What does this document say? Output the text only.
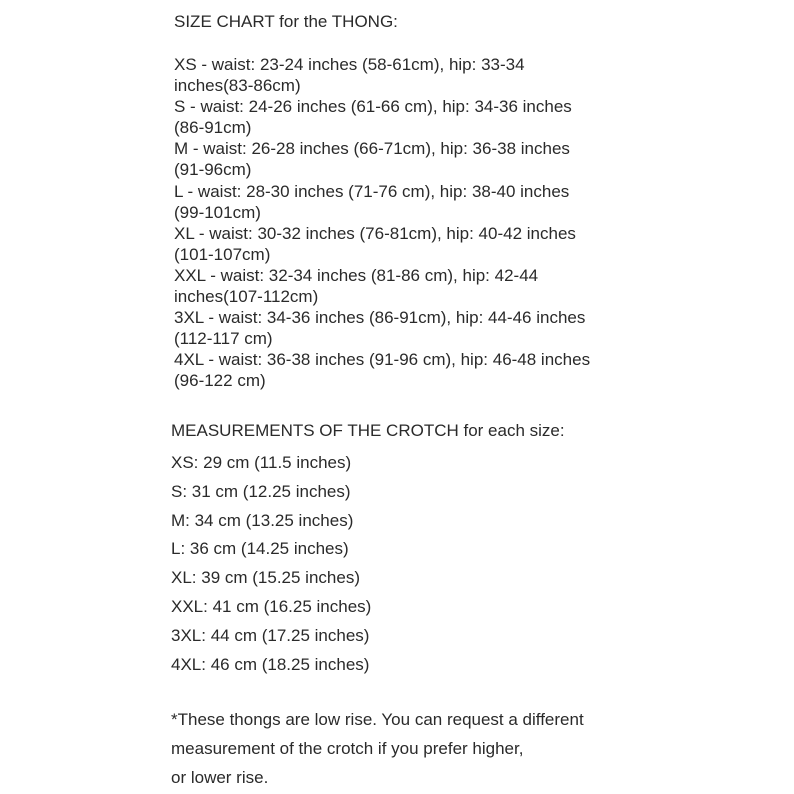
SIZE CHART for the THONG:
XS - waist: 23-24 inches (58-61cm), hip: 33-34
inches(83-86cm)
S - waist: 24-26 inches (61-66 cm), hip: 34-36 inches
(86-91cm)
M - waist: 26-28 inches (66-71cm), hip: 36-38 inches
(91-96cm)
L - waist: 28-30 inches (71-76 cm), hip: 38-40 inches
(99-101cm)
XL - waist: 30-32 inches (76-81cm), hip: 40-42 inches
(101-107cm)
XXL - waist: 32-34 inches (81-86 cm), hip: 42-44
inches(107-112cm)
3XL - waist: 34-36 inches (86-91cm), hip: 44-46 inches
(112-117 cm)
4XL - waist: 36-38 inches (91-96 cm), hip: 46-48 inches
(96-122 cm)
MEASUREMENTS OF THE CROTCH for each size:
XS: 29 cm (11.5 inches)
S: 31 cm (12.25 inches)
M: 34 cm (13.25 inches)
L: 36 cm (14.25 inches)
XL: 39 cm (15.25 inches)
XXL: 41 cm (16.25 inches)
3XL: 44 cm (17.25 inches)
4XL: 46 cm (18.25 inches)
*These thongs are low rise. You can request a different
measurement of the crotch if you prefer higher,
or lower rise.
